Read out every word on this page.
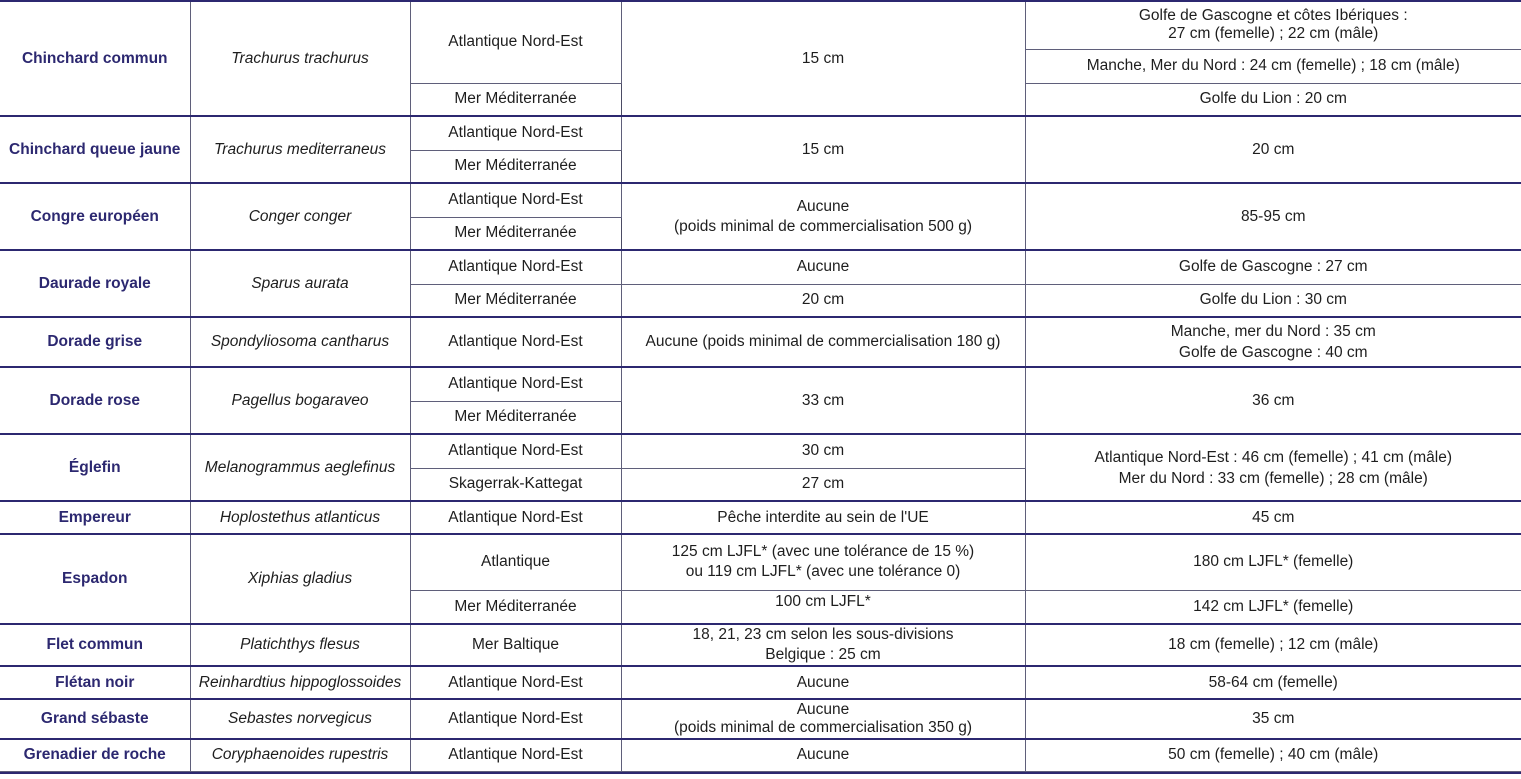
Chinchard commun	Trachurus trachurus	Atlantique Nord-Est	15 cm	Golfe de Gascogne et côtes Ibériques :
27 cm (femelle) ; 22 cm (mâle)
				Manche, Mer du Nord : 24 cm (femelle) ; 18 cm (mâle)
		Mer Méditerranée		Golfe du Lion : 20 cm
Chinchard queue jaune	Trachurus mediterraneus	Atlantique Nord-Est	15 cm	20 cm
		Mer Méditerranée		
Congre européen	Conger conger	Atlantique Nord-Est	Aucune
(poids minimal de commercialisation 500 g)	85-95 cm
		Mer Méditerranée		
Daurade royale	Sparus aurata	Atlantique Nord-Est	Aucune	Golfe de Gascogne : 27 cm
		Mer Méditerranée	20 cm	Golfe du Lion : 30 cm
Dorade grise	Spondyliosoma cantharus	Atlantique Nord-Est	Aucune (poids minimal de commercialisation 180 g)	Manche, mer du Nord : 35 cm
Golfe de Gascogne : 40 cm
Dorade rose	Pagellus bogaraveo	Atlantique Nord-Est	33 cm	36 cm
		Mer Méditerranée		
Églefin	Melanogrammus aeglefinus	Atlantique Nord-Est	30 cm	Atlantique Nord-Est : 46 cm (femelle) ; 41 cm (mâle)
Mer du Nord : 33 cm (femelle) ; 28 cm (mâle)
		Skagerrak-Kattegat	27 cm	
Empereur	Hoplostethus atlanticus	Atlantique Nord-Est	Pêche interdite au sein de l'UE	45 cm
Espadon	Xiphias gladius	Atlantique	125 cm LJFL* (avec une tolérance de 15 %)
ou 119 cm LJFL* (avec une tolérance 0)	180 cm LJFL* (femelle)
		Mer Méditerranée	100 cm LJFL*	142 cm LJFL* (femelle)
Flet commun	Platichthys flesus	Mer Baltique	18, 21, 23 cm selon les sous-divisions
Belgique : 25 cm	18 cm (femelle) ; 12 cm (mâle)
Flétan noir	Reinhardtius hippoglossoides	Atlantique Nord-Est	Aucune	58-64 cm (femelle)
Grand sébaste	Sebastes norvegicus	Atlantique Nord-Est	Aucune
(poids minimal de commercialisation 350 g)	35 cm
Grenadier de roche	Coryphaenoides rupestris	Atlantique Nord-Est	Aucune	50 cm (femelle) ; 40 cm (mâle)
